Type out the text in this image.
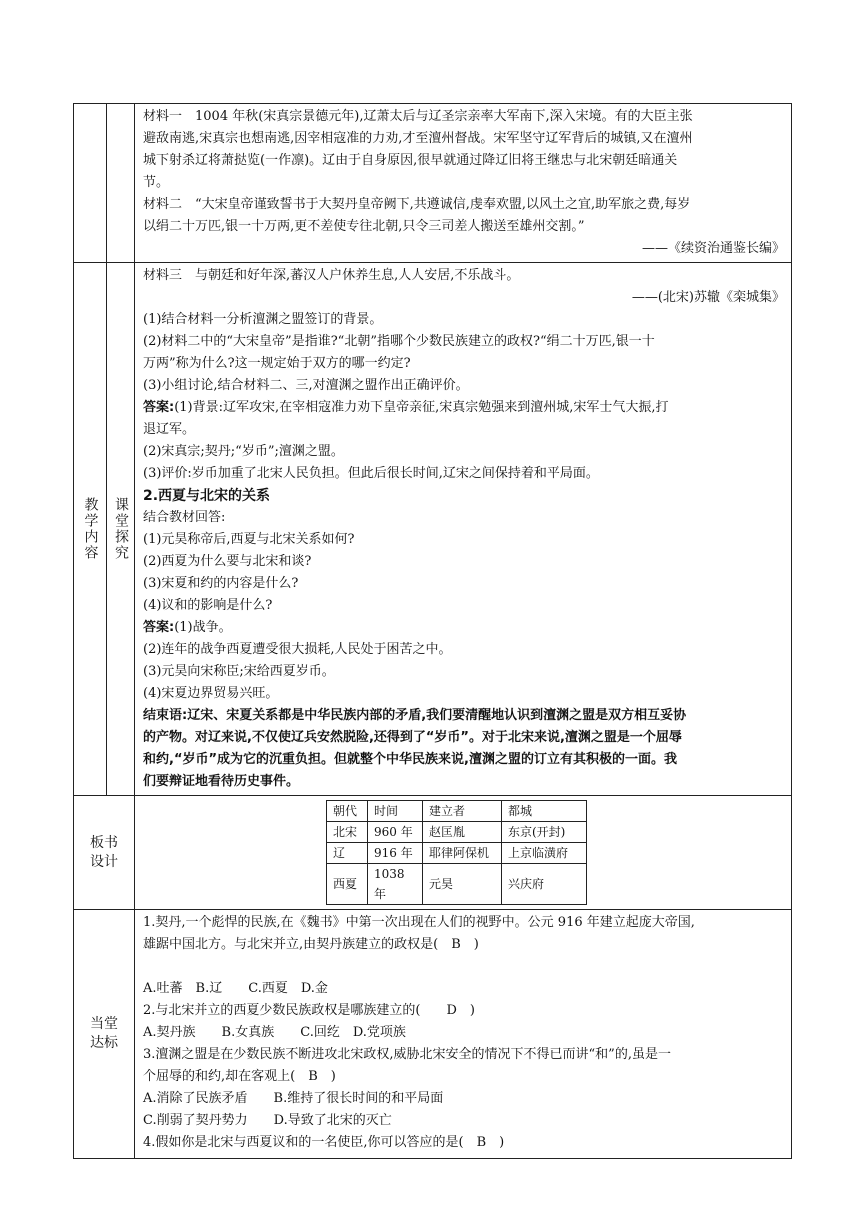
材料一　1004 年秋(宋真宗景德元年),辽萧太后与辽圣宗亲率大军南下,深入宋境。有的大臣主张

避敌南逃,宋真宗也想南逃,因宰相寇准的力劝,才至澶州督战。宋军坚守辽军背后的城镇,又在澶州

城下射杀辽将萧挞览(一作凛)。辽由于自身原因,很早就通过降辽旧将王继忠与北宋朝廷暗通关

节。

材料二　“大宋皇帝谨致誓书于大契丹皇帝阙下,共遵诚信,虔奉欢盟,以风土之宜,助军旅之费,每岁

以绢二十万匹,银一十万两,更不差使专往北朝,只令三司差人搬送至雄州交割。”

——《续资治通鉴长编》

教学内容	课堂探究

材料三　与朝廷和好年深,蕃汉人户休养生息,人人安居,不乐战斗。

——(北宋)苏辙《栾城集》

(1)结合材料一分析澶渊之盟签订的背景。

(2)材料二中的“大宋皇帝”是指谁?“北朝”指哪个少数民族建立的政权?“绢二十万匹,银一十

万两”称为什么?这一规定始于双方的哪一约定?

(3)小组讨论,结合材料二、三,对澶渊之盟作出正确评价。

答案:(1)背景:辽军攻宋,在宰相寇准力劝下皇帝亲征,宋真宗勉强来到澶州城,宋军士气大振,打

退辽军。

(2)宋真宗;契丹;“岁币”;澶渊之盟。

(3)评价:岁币加重了北宋人民负担。但此后很长时间,辽宋之间保持着和平局面。

2.西夏与北宋的关系

结合教材回答:

(1)元昊称帝后,西夏与北宋关系如何?

(2)西夏为什么要与北宋和谈?

(3)宋夏和约的内容是什么?

(4)议和的影响是什么?

答案:(1)战争。

(2)连年的战争西夏遭受很大损耗,人民处于困苦之中。

(3)元昊向宋称臣;宋给西夏岁币。

(4)宋夏边界贸易兴旺。

结束语:辽宋、宋夏关系都是中华民族内部的矛盾,我们要清醒地认识到澶渊之盟是双方相互妥协

的产物。对辽来说,不仅使辽兵安然脱险,还得到了“岁币”。对于北宋来说,澶渊之盟是一个屈辱

和约,“岁币”成为它的沉重负担。但就整个中华民族来说,澶渊之盟的订立有其积极的一面。我

们要辩证地看待历史事件。

板书设计

朝代	时间	建立者	都城
北宋	960 年	赵匡胤	东京(开封)
辽	916 年	耶律阿保机	上京临潢府
西夏	1038 年	元昊	兴庆府

当堂达标

1.契丹,一个彪悍的民族,在《魏书》中第一次出现在人们的视野中。公元 916 年建立起庞大帝国,

雄踞中国北方。与北宋并立,由契丹族建立的政权是(　B　)

A.吐蕃　B.辽　　C.西夏　D.金

2.与北宋并立的西夏少数民族政权是哪族建立的(　　D　)

A.契丹族　　B.女真族　　C.回纥　D.党项族

3.澶渊之盟是在少数民族不断进攻北宋政权,威胁北宋安全的情况下不得已而讲“和”的,虽是一

个屈辱的和约,却在客观上(　B　)

A.消除了民族矛盾　　B.维持了很长时间的和平局面

C.削弱了契丹势力　　D.导致了北宋的灭亡

4.假如你是北宋与西夏议和的一名使臣,你可以答应的是(　B　)
